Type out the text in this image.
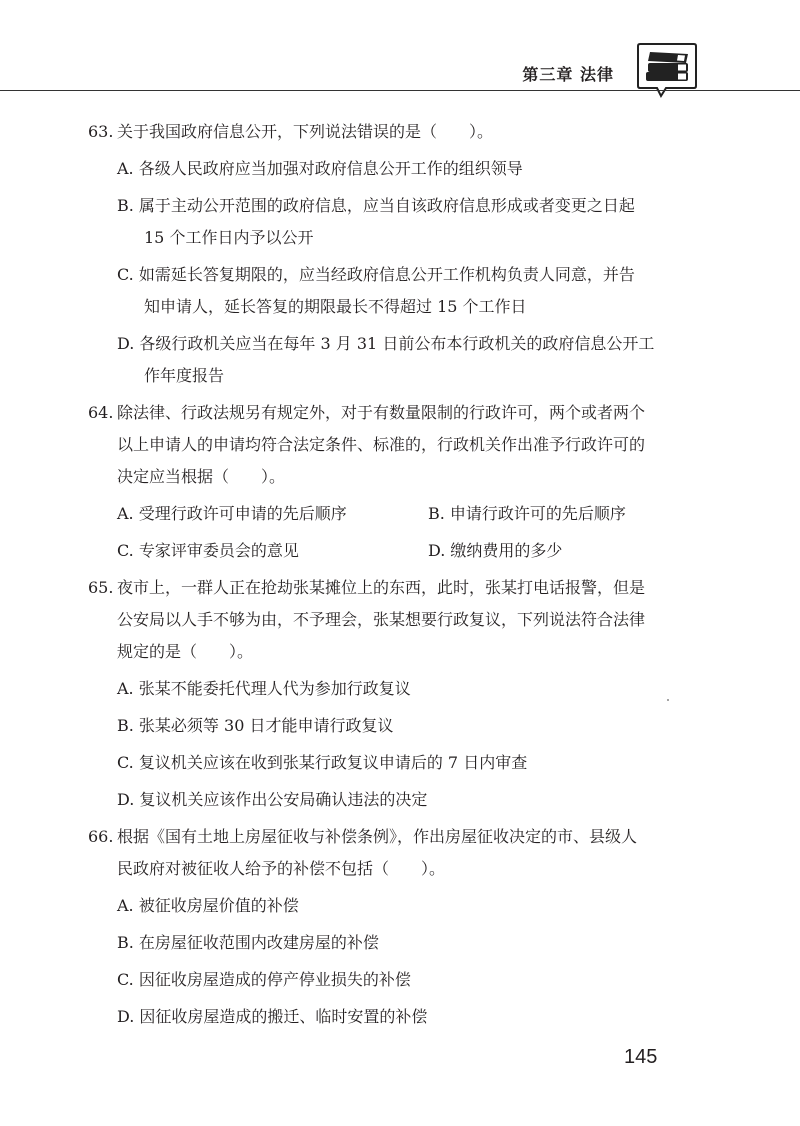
第三章 法律
63. 关于我国政府信息公开，下列说法错误的是（　　）。
A. 各级人民政府应当加强对政府信息公开工作的组织领导
B. 属于主动公开范围的政府信息，应当自该政府信息形成或者变更之日起
15 个工作日内予以公开
C. 如需延长答复期限的，应当经政府信息公开工作机构负责人同意，并告
知申请人，延长答复的期限最长不得超过 15 个工作日
D. 各级行政机关应当在每年 3 月 31 日前公布本行政机关的政府信息公开工
作年度报告
64. 除法律、行政法规另有规定外，对于有数量限制的行政许可，两个或者两个
以上申请人的申请均符合法定条件、标准的，行政机关作出准予行政许可的
决定应当根据（　　）。
A. 受理行政许可申请的先后顺序	B. 申请行政许可的先后顺序
C. 专家评审委员会的意见	D. 缴纳费用的多少
65. 夜市上，一群人正在抢劫张某摊位上的东西，此时，张某打电话报警，但是
公安局以人手不够为由，不予理会，张某想要行政复议，下列说法符合法律
规定的是（　　）。
A. 张某不能委托代理人代为参加行政复议
B. 张某必须等 30 日才能申请行政复议
C. 复议机关应该在收到张某行政复议申请后的 7 日内审查
D. 复议机关应该作出公安局确认违法的决定
66. 根据《国有土地上房屋征收与补偿条例》，作出房屋征收决定的市、县级人
民政府对被征收人给予的补偿不包括（　　）。
A. 被征收房屋价值的补偿
B. 在房屋征收范围内改建房屋的补偿
C. 因征收房屋造成的停产停业损失的补偿
D. 因征收房屋造成的搬迁、临时安置的补偿
145
